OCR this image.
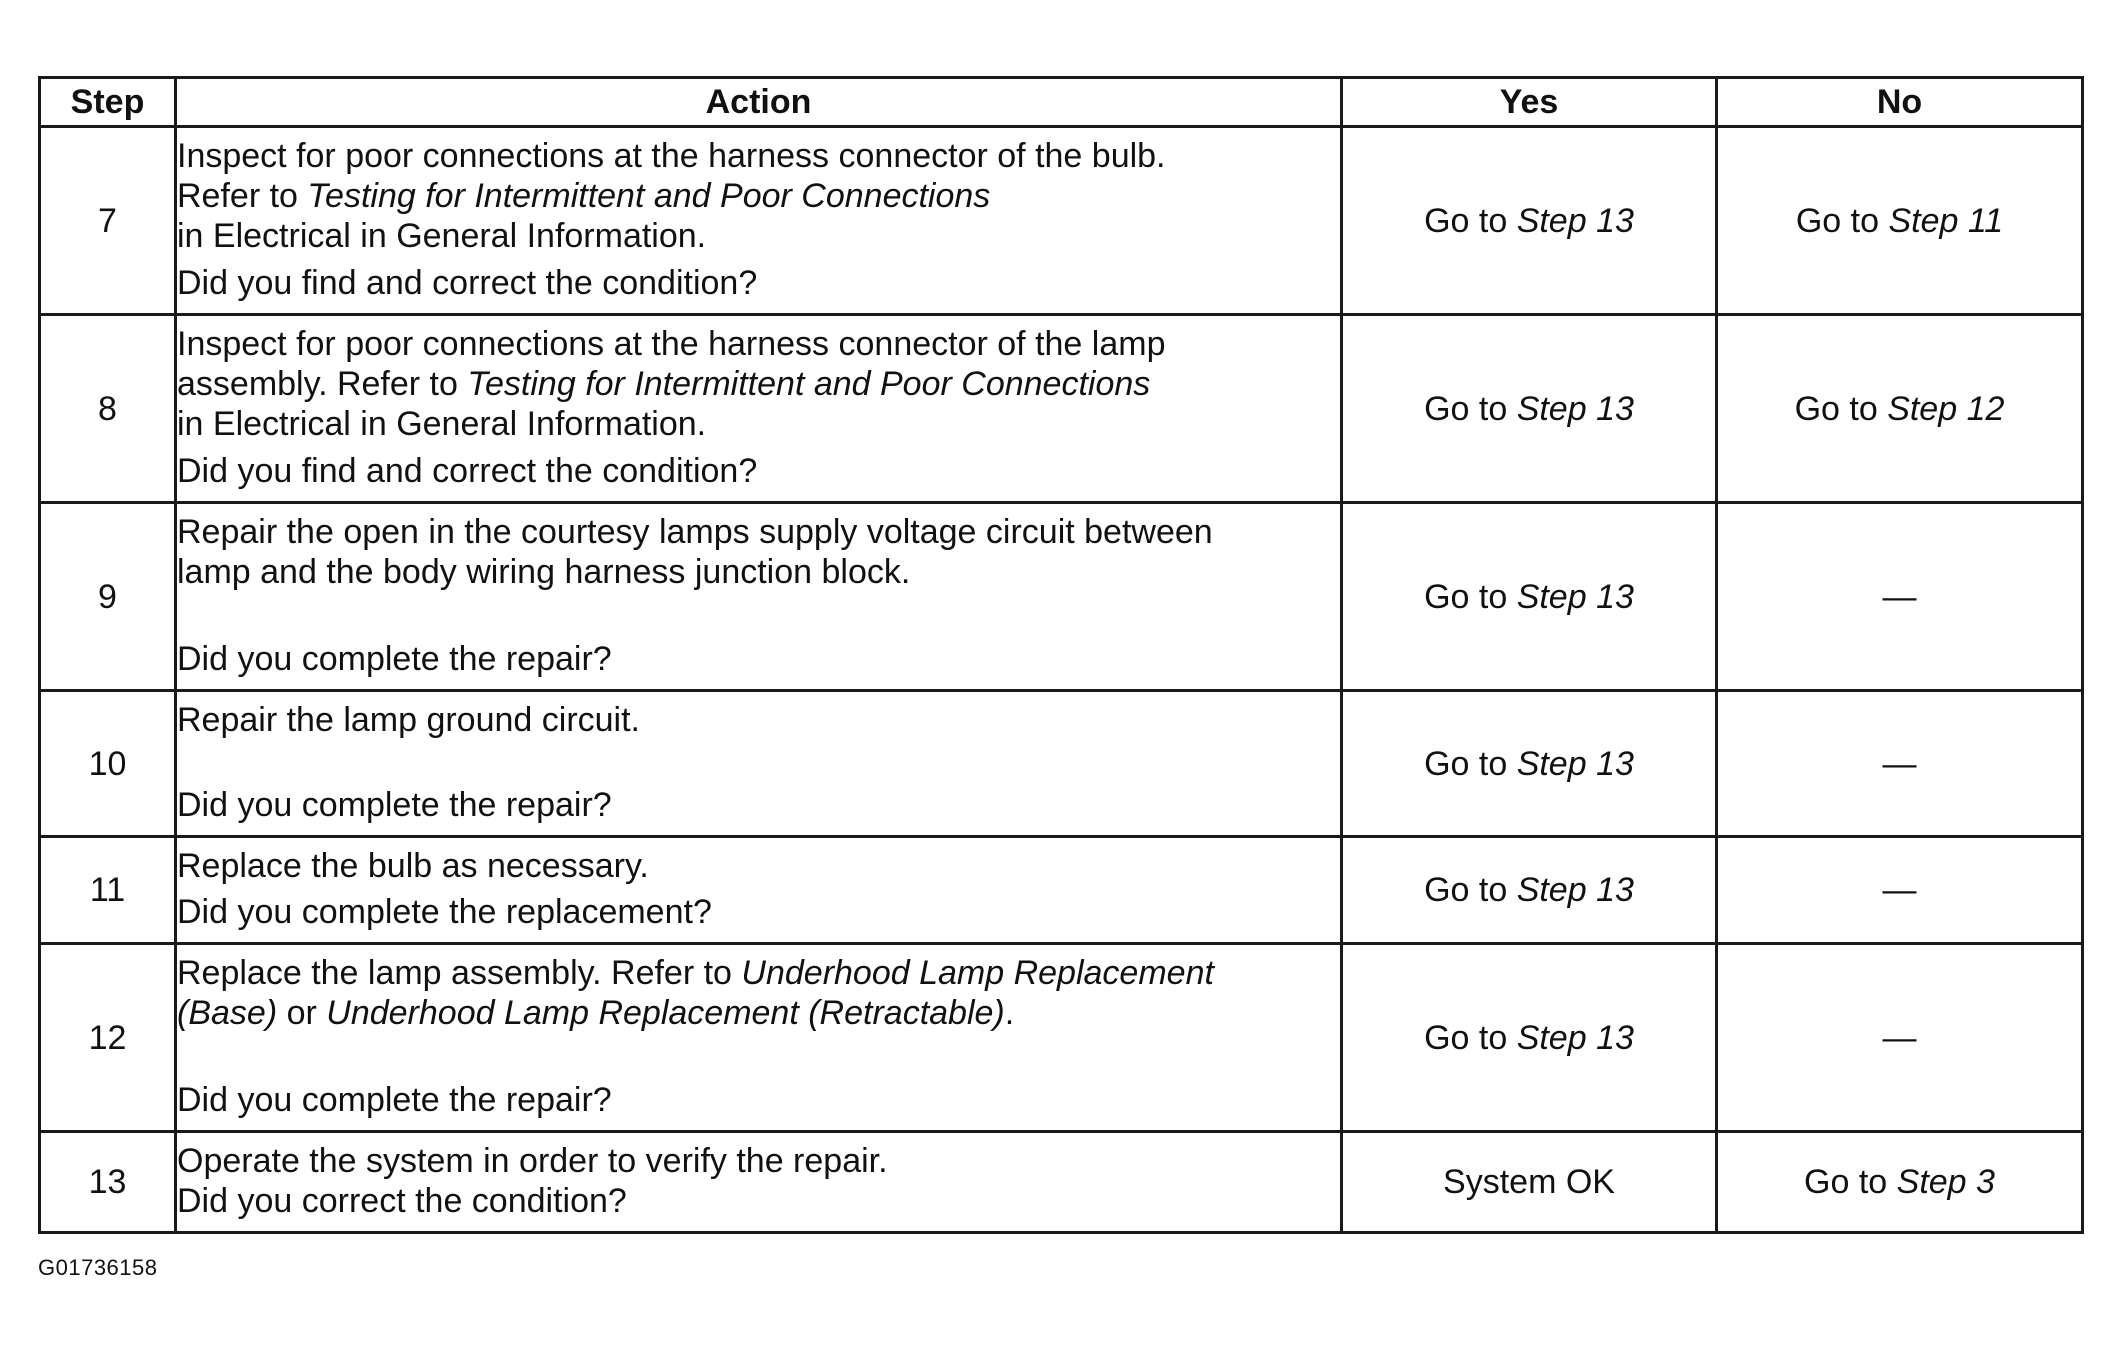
Step	Action	Yes	No
7	Inspect for poor connections at the harness connector of the bulb.

Refer to Testing for Intermittent and Poor Connections

in Electrical in General Information.

Did you find and correct the condition?	Go to Step 13	Go to Step 11
8	Inspect for poor connections at the harness connector of the lamp

assembly. Refer to Testing for Intermittent and Poor Connections

in Electrical in General Information.

Did you find and correct the condition?	Go to Step 13	Go to Step 12
9	Repair the open in the courtesy lamps supply voltage circuit between

lamp and the body wiring harness junction block.

Did you complete the repair?	Go to Step 13	—
10	Repair the lamp ground circuit.

Did you complete the repair?	Go to Step 13	—
11	Replace the bulb as necessary.

Did you complete the replacement?	Go to Step 13	—
12	Replace the lamp assembly. Refer to Underhood Lamp Replacement

(Base) or Underhood Lamp Replacement (Retractable).

Did you complete the repair?	Go to Step 13	—
13	Operate the system in order to verify the repair.

Did you correct the condition?	System OK	Go to Step 3
G01736158
